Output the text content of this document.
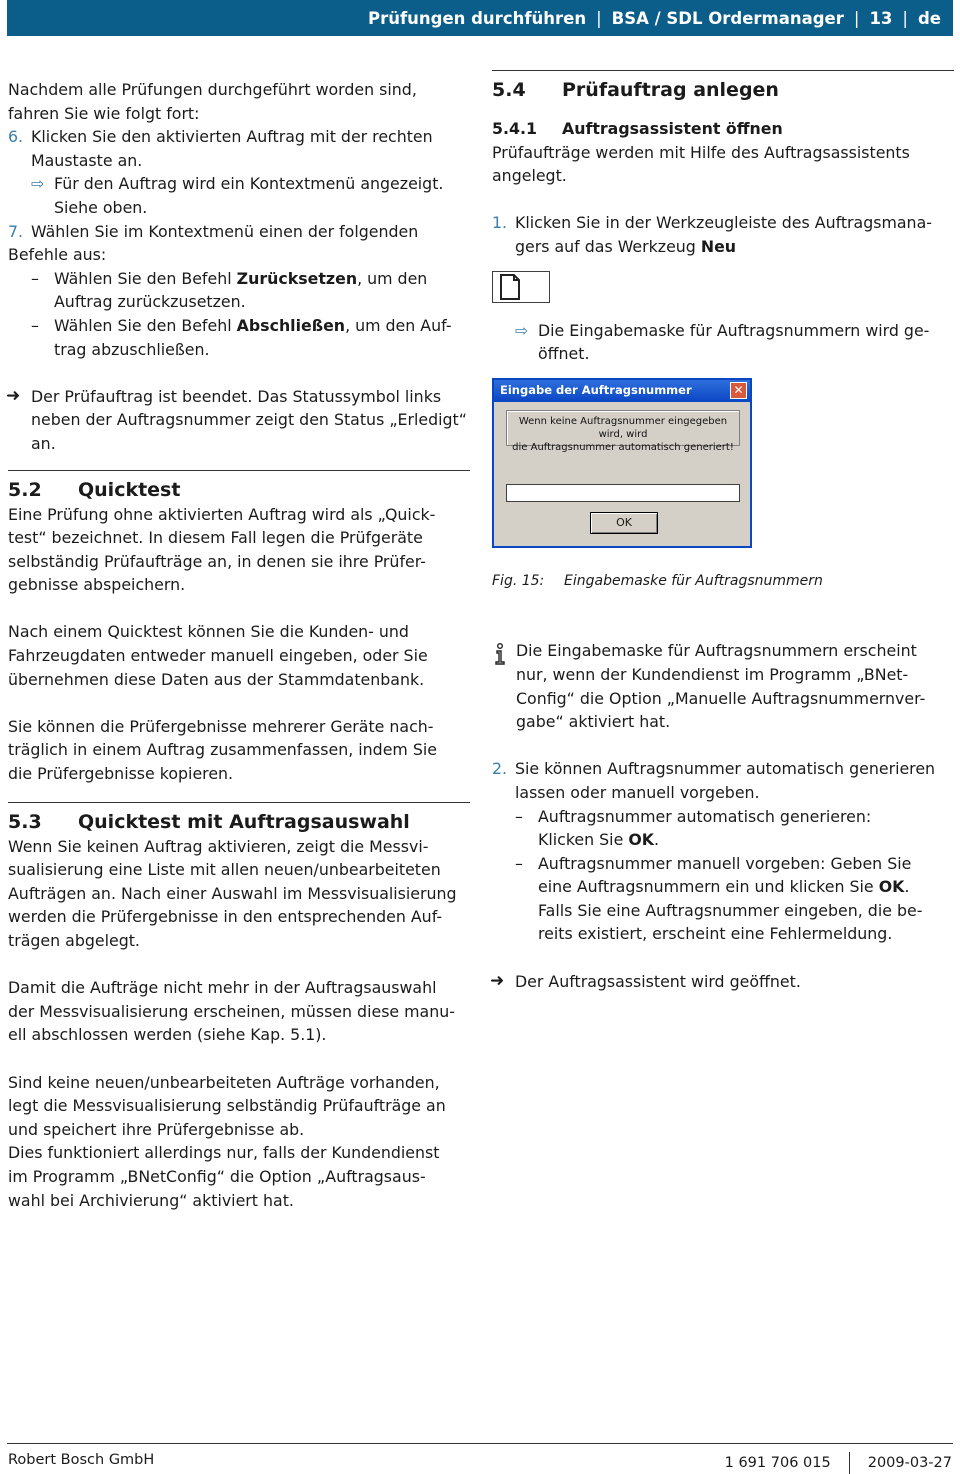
Prüfungen durchführen | BSA / SDL Ordermanager | 13 | de

Nachdem alle Prüfungen durchgeführt worden sind,

fahren Sie wie folgt fort:

6. Klicken Sie den aktivierten Auftrag mit der rechten

Maustaste an.

⇨ Für den Auftrag wird ein Kontextmenü angezeigt.

Siehe oben.

7. Wählen Sie im Kontextmenü einen der folgenden

Befehle aus:

– Wählen Sie den Befehl Zurücksetzen, um den

Auftrag zurückzusetzen.

– Wählen Sie den Befehl Abschließen, um den Auf-

trag abzuschließen.

➜ Der Prüfauftrag ist beendet. Das Statussymbol links

neben der Auftragsnummer zeigt den Status „Erledigt“

an.

5.2 Quicktest

Eine Prüfung ohne aktivierten Auftrag wird als „Quick-

test“ bezeichnet. In diesem Fall legen die Prüfgeräte

selbständig Prüfaufträge an, in denen sie ihre Prüfer-

gebnisse abspeichern.

Nach einem Quicktest können Sie die Kunden- und

Fahrzeugdaten entweder manuell eingeben, oder Sie

übernehmen diese Daten aus der Stammdatenbank.

Sie können die Prüfergebnisse mehrerer Geräte nach-

träglich in einem Auftrag zusammenfassen, indem Sie

die Prüfergebnisse kopieren.

5.3 Quicktest mit Auftragsauswahl

Wenn Sie keinen Auftrag aktivieren, zeigt die Messvi-

sualisierung eine Liste mit allen neuen/unbearbeiteten

Aufträgen an. Nach einer Auswahl im Messvisualisierung

werden die Prüfergebnisse in den entsprechenden Auf-

trägen abgelegt.

Damit die Aufträge nicht mehr in der Auftragsauswahl

der Messvisualisierung erscheinen, müssen diese manu-

ell abschlossen werden (siehe Kap. 5.1).

Sind keine neuen/unbearbeiteten Aufträge vorhanden,

legt die Messvisualisierung selbständig Prüfaufträge an

und speichert ihre Prüfergebnisse ab.

Dies funktioniert allerdings nur, falls der Kundendienst

im Programm „BNetConfig“ die Option „Auftragsaus-

wahl bei Archivierung“ aktiviert hat.

5.4 Prüfauftrag anlegen
5.4.1 Auftragsassistent öffnen

Prüfaufträge werden mit Hilfe des Auftragsassistents

angelegt.

1. Klicken Sie in der Werkzeugleiste des Auftragsmana-

gers auf das Werkzeug Neu

⇨ Die Eingabemaske für Auftragsnummern wird ge-

öffnet.

Eingabe der Auftragsnummer	✕
Wenn keine Auftragsnummer eingegeben wird, wird
die Auftragsnummer automatisch generiert!
OK
Fig. 15: Eingabemaske für Auftragsnummern

Die Eingabemaske für Auftragsnummern erscheint

nur, wenn der Kundendienst im Programm „BNet-

Config“ die Option „Manuelle Auftragsnummernver-

gabe“ aktiviert hat.

2. Sie können Auftragsnummer automatisch generieren

lassen oder manuell vorgeben.

– Auftragsnummer automatisch generieren:

Klicken Sie OK.

– Auftragsnummer manuell vorgeben: Geben Sie

eine Auftragsnummern ein und klicken Sie OK.

Falls Sie eine Auftragsnummer eingeben, die be-

reits existiert, erscheint eine Fehlermeldung.

➜ Der Auftragsassistent wird geöffnet.

Robert Bosch GmbH	1 691 706 015	2009-03-27
